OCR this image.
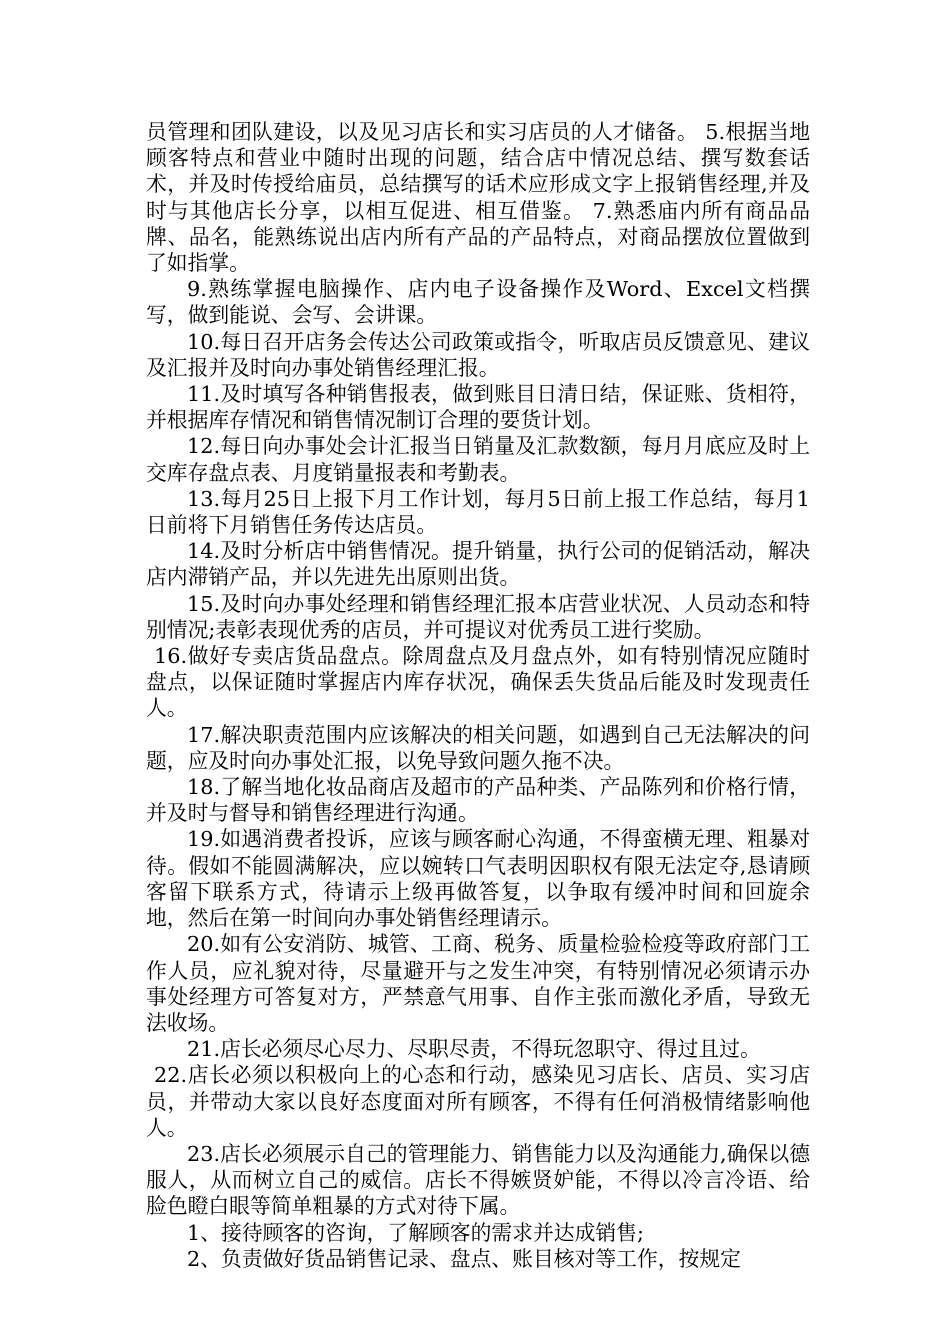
员管理和团队建设，以及见习店长和实习店员的人才储备。 5.根据当地顾客特点和营业中随时出现的问题，结合店中情况总结、撰写数套话术，并及时传授给庙员，总结撰写的话术应形成文字上报销售经理,并及时与其他店长分享，以相互促进、相互借鉴。 7.熟悉庙内所有商品品牌、品名，能熟练说出店内所有产品的产品特点，对商品摆放位置做到了如指掌。

9.熟练掌握电脑操作、店内电子设备操作及Word、Excel文档撰写，做到能说、会写、会讲课。

10.每日召开店务会传达公司政策或指令，听取店员反馈意见、建议及汇报并及时向办事处销售经理汇报。

11.及时填写各种销售报表，做到账目日清日结，保证账、货相符，并根据库存情况和销售情况制订合理的要货计划。

12.每日向办事处会计汇报当日销量及汇款数额，每月月底应及时上交库存盘点表、月度销量报表和考勤表。

13.每月25日上报下月工作计划，每月5日前上报工作总结，每月1日前将下月销售任务传达店员。

14.及时分析店中销售情况。提升销量，执行公司的促销活动，解决店内滞销产品，并以先进先出原则出货。

15.及时向办事处经理和销售经理汇报本店营业状况、人员动态和特别情况;表彰表现优秀的店员，并可提议对优秀员工进行奖励。

16.做好专卖店货品盘点。除周盘点及月盘点外，如有特别情况应随时盘点，以保证随时掌握店内库存状况，确保丢失货品后能及时发现责任人。

17.解决职责范围内应该解决的相关问题，如遇到自己无法解决的问题，应及时向办事处汇报，以免导致问题久拖不决。

18.了解当地化妆品商店及超市的产品种类、产品陈列和价格行情，并及时与督导和销售经理进行沟通。

19.如遇消费者投诉，应该与顾客耐心沟通，不得蛮横无理、粗暴对待。假如不能圆满解决，应以婉转口气表明因职权有限无法定夺,恳请顾客留下联系方式，待请示上级再做答复，以争取有缓冲时间和回旋余地，然后在第一时间向办事处销售经理请示。

20.如有公安消防、城管、工商、税务、质量检验检疫等政府部门工作人员，应礼貌对待，尽量避开与之发生冲突，有特别情况必须请示办事处经理方可答复对方，严禁意气用事、自作主张而激化矛盾，导致无法收场。

21.店长必须尽心尽力、尽职尽责，不得玩忽职守、得过且过。

22.店长必须以积极向上的心态和行动，感染见习店长、店员、实习店员，并带动大家以良好态度面对所有顾客，不得有任何消极情绪影响他人。

23.店长必须展示自己的管理能力、销售能力以及沟通能力,确保以德服人，从而树立自己的威信。店长不得嫉贤妒能，不得以冷言冷语、给脸色瞪白眼等简单粗暴的方式对待下属。

1、接待顾客的咨询，了解顾客的需求并达成销售;

2、负责做好货品销售记录、盘点、账目核对等工作，按规定
